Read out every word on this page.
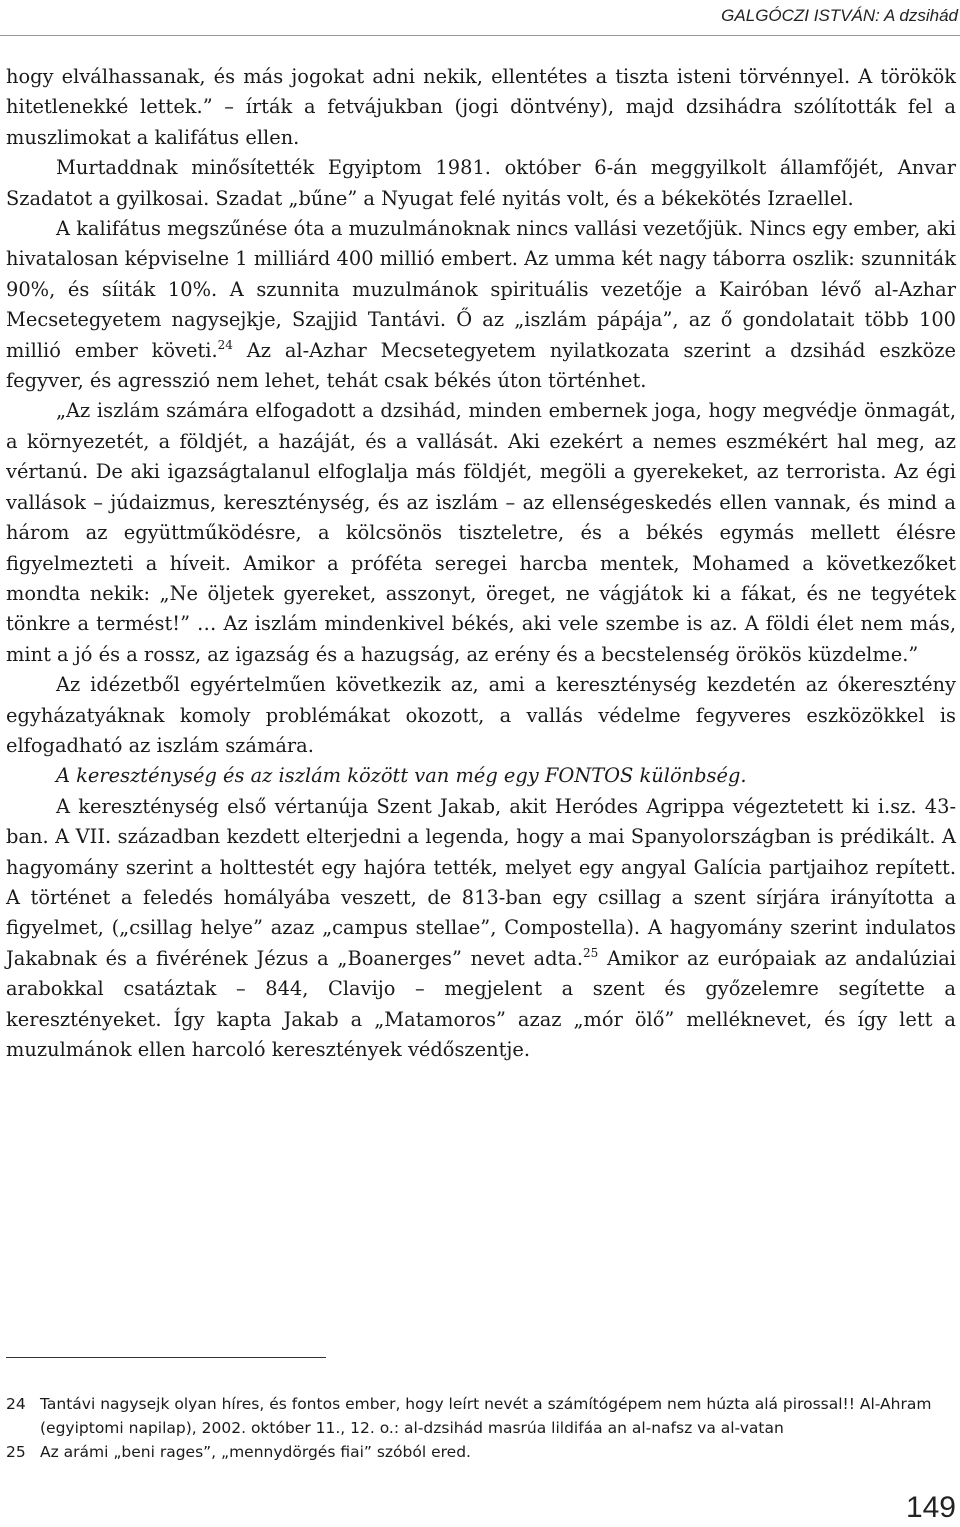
GALGÓCZI ISTVÁN: A dzsihád

hogy elválhassanak, és más jogokat adni nekik, ellentétes a tiszta isteni törvénnyel. A törökök hitetlenekké lettek.” – írták a fetvájukban (jogi döntvény), majd dzsihádra szólították fel a muszlimokat a kalifátus ellen.

Murtaddnak minősítették Egyiptom 1981. október 6-án meggyilkolt államfőjét, Anvar Szadatot a gyilkosai. Szadat „bűne” a Nyugat felé nyitás volt, és a békekötés Izraellel.

A kalifátus megszűnése óta a muzulmánoknak nincs vallási vezetőjük. Nincs egy ember, aki hivatalosan képviselne 1 milliárd 400 millió embert. Az umma két nagy táborra oszlik: szunniták 90%, és síiták 10%. A szunnita muzulmánok spirituális vezetője a Kairóban lévő al-Azhar Mecsetegyetem nagysejkje, Szajjid Tantávi. Ő az „iszlám pápája”, az ő gondolatait több 100 millió ember követi.$^{24}$ Az al-Azhar Mecsetegyetem nyilatkozata szerint a dzsihád eszköze fegyver, és agresszió nem lehet, tehát csak békés úton történhet.

„Az iszlám számára elfogadott a dzsihád, minden embernek joga, hogy megvédje önmagát, a környezetét, a földjét, a hazáját, és a vallását. Aki ezekért a nemes eszmékért hal meg, az vértanú. De aki igazságtalanul elfoglalja más földjét, megöli a gyerekeket, az terrorista. Az égi vallások – júdaizmus, kereszténység, és az iszlám – az ellenségeskedés ellen vannak, és mind a három az együttműködésre, a kölcsönös tiszteletre, és a békés egymás mellett élésre figyelmezteti a híveit. Amikor a próféta seregei harcba mentek, Mohamed a következőket mondta nekik: „Ne öljetek gyereket, asszonyt, öreget, ne vágjátok ki a fákat, és ne tegyétek tönkre a termést!” … Az iszlám mindenkivel békés, aki vele szembe is az. A földi élet nem más, mint a jó és a rossz, az igazság és a hazugság, az erény és a becstelenség örökös küzdelme.”

Az idézetből egyértelműen következik az, ami a kereszténység kezdetén az ókeresztény egyházatyáknak komoly problémákat okozott, a vallás védelme fegyveres eszközökkel is elfogadható az iszlám számára.

A kereszténység és az iszlám között van még egy FONTOS különbség.

A kereszténység első vértanúja Szent Jakab, akit Heródes Agrippa végeztetett ki i.sz. 43-ban. A VII. században kezdett elterjedni a legenda, hogy a mai Spanyolországban is prédikált. A hagyomány szerint a holttestét egy hajóra tették, melyet egy angyal Galícia partjaihoz repített. A történet a feledés homályába veszett, de 813-ban egy csillag a szent sírjára irányította a figyelmet, („csillag helye” azaz „campus stellae”, Compostella). A hagyomány szerint indulatos Jakabnak és a fivérének Jézus a „Boanerges” nevet adta.$^{25}$ Amikor az európaiak az andalúziai arabokkal csatáztak – 844, Clavijo – megjelent a szent és győzelemre segítette a keresztényeket. Így kapta Jakab a „Matamoros” azaz „mór ölő” melléknevet, és így lett a muzulmánok ellen harcoló keresztények védőszentje.

24 Tantávi nagysejk olyan híres, és fontos ember, hogy leírt nevét a számítógépem nem húzta alá pirossal!! Al-Ahram (egyiptomi napilap), 2002. október 11., 12. o.: al-dzsihád masrúa lildifáa an al-nafsz va al-vatan
25 Az arámi „beni rages”, „mennydörgés fiai” szóból ered.
149
